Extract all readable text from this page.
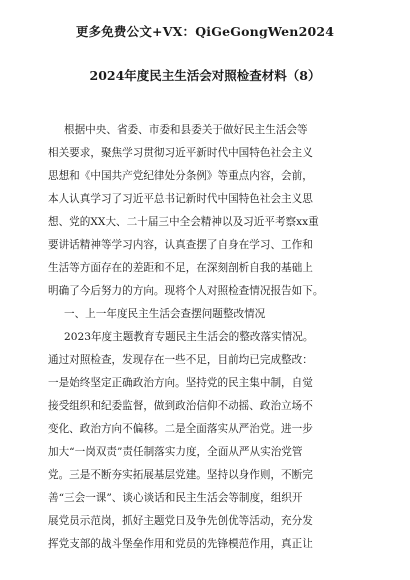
更多免费公文+VX：QiGeGongWen2024
2024年度民主生活会对照检查材料（8）
根据中央、省委、市委和县委关于做好民主生活会等
相关要求，聚焦学习贯彻习近平新时代中国特色社会主义
思想和《中国共产党纪律处分条例》等重点内容，会前，
本人认真学习了习近平总书记新时代中国特色社会主义思
想、党的XX大、二十届三中全会精神以及习近平考察xx重
要讲话精神等学习内容，认真查摆了自身在学习、工作和
生活等方面存在的差距和不足，在深刻剖析自我的基础上
明确了今后努力的方向。现将个人对照检查情况报告如下。
一、上一年度民主生活会查摆问题整改情况
2023年度主题教育专题民主生活会的整改落实情况。
通过对照检查，发现存在一些不足，目前均已完成整改：
一是始终坚定正确政治方向。坚持党的民主集中制，自觉
接受组织和纪委监督，做到政治信仰不动摇、政治立场不
变化、政治方向不偏移。二是全面落实从严治党。进一步
加大“一岗双责”责任制落实力度，全面从严从实治党管
党。三是不断夯实拓展基层党建。坚持以身作则，不断完
善“三会一课”、谈心谈话和民主生活会等制度，组织开
展党员示范岗，抓好主题党日及争先创优等活动，充分发
挥党支部的战斗堡垒作用和党员的先锋模范作用，真正让
